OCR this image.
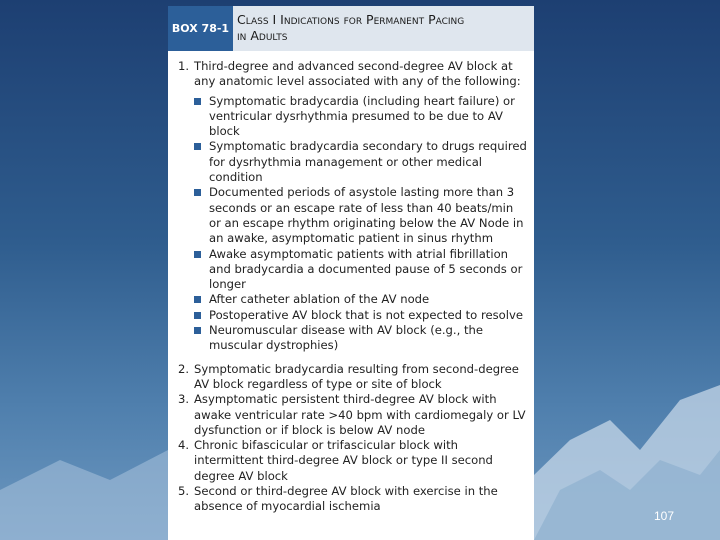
BOX 78-1
Class I Indications for Permanent Pacing
in Adults
1. Third-degree and advanced second-degree AV block at any anatomic level associated with any of the following:
Symptomatic bradycardia (including heart failure) or ventricular dysrhythmia presumed to be due to AV block
Symptomatic bradycardia secondary to drugs required for dysrhythmia management or other medical condition
Documented periods of asystole lasting more than 3 seconds or an escape rate of less than 40 beats/min or an escape rhythm originating below the AV Node in an awake, asymptomatic patient in sinus rhythm
Awake asymptomatic patients with atrial fibrillation and bradycardia a documented pause of 5 seconds or longer
After catheter ablation of the AV node
Postoperative AV block that is not expected to resolve
Neuromuscular disease with AV block (e.g., the muscular dystrophies)
2. Symptomatic bradycardia resulting from second-degree AV block regardless of type or site of block
3. Asymptomatic persistent third-degree AV block with awake ventricular rate >40 bpm with cardiomegaly or LV dysfunction or if block is below AV node
4. Chronic bifascicular or trifascicular block with intermittent third-degree AV block or type II second degree AV block
5. Second or third-degree AV block with exercise in the absence of myocardial ischemia
107
